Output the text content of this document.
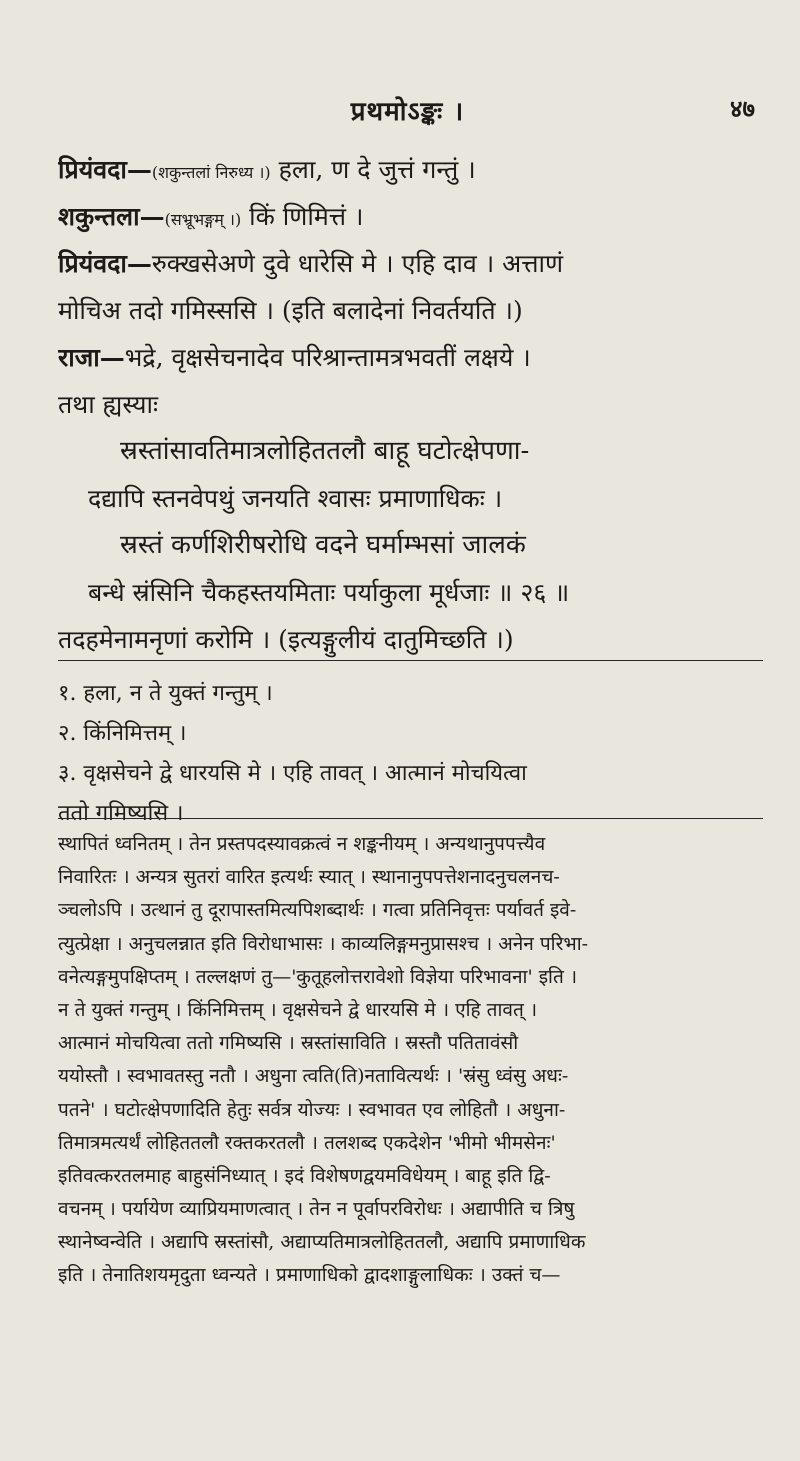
प्रथमोऽङ्कः ।	४७
प्रियंवदा—(शकुन्तलां निरुध्य ।) हला, ण दे जुत्तं गन्तुं ।
शकुन्तला—(सभ्रूभङ्गम् ।) किं णिमित्तं ।
प्रियंवदा—रुक्खसेअणे दुवे धारेसि मे । एहि दाव । अत्ताणं
मोचिअ तदो गमिस्ससि । (इति बलादेनां निवर्तयति ।)
राजा—भद्रे, वृक्षसेचनादेव परिश्रान्तामत्रभवतीं लक्षये ।
तथा ह्यस्याः
स्रस्तांसावतिमात्रलोहिततलौ बाहू घटोत्क्षेपणा-
दद्यापि स्तनवेपथुं जनयति श्वासः प्रमाणाधिकः ।
स्रस्तं कर्णशिरीषरोधि वदने घर्माम्भसां जालकं
बन्धे स्रंसिनि चैकहस्तयमिताः पर्याकुला मूर्धजाः ॥ २६ ॥
तदहमेनामनृणां करोमि । (इत्यङ्गुलीयं दातुमिच्छति ।)
१. हला, न ते युक्तं गन्तुम् ।
२. किंनिमित्तम् ।
३. वृक्षसेचने द्वे धारयसि मे । एहि तावत् । आत्मानं मोचयित्वा
ततो गमिष्यसि ।
स्थापितं ध्वनितम् । तेन प्रस्तपदस्यावक्रत्वं न शङ्कनीयम् । अन्यथानुपपत्त्यैव
निवारितः । अन्यत्र सुतरां वारित इत्यर्थः स्यात् । स्थानानुपपत्तेशनादनुचलनच-
ञ्चलोऽपि । उत्थानं तु दूरापास्तमित्यपिशब्दार्थः । गत्वा प्रतिनिवृत्तः पर्यावर्त इवे-
त्युत्प्रेक्षा । अनुचलन्नात इति विरोधाभासः । काव्यलिङ्गमनुप्रासश्च । अनेन परिभा-
वनेत्यङ्गमुपक्षिप्तम् । तल्लक्षणं तु—'कुतूहलोत्तरावेशो विज्ञेया परिभावना' इति ।
न ते युक्तं गन्तुम् । किंनिमित्तम् । वृक्षसेचने द्वे धारयसि मे । एहि तावत् ।
आत्मानं मोचयित्वा ततो गमिष्यसि । स्रस्तांसाविति । स्रस्तौ पतितावंसौ
ययोस्तौ । स्वभावतस्तु नतौ । अधुना त्वति(ति)नतावित्यर्थः । 'स्रंसु ध्वंसु अधः-
पतने' । घटोत्क्षेपणादिति हेतुः सर्वत्र योज्यः । स्वभावत एव लोहितौ । अधुना-
तिमात्रमत्यर्थं लोहिततलौ रक्तकरतलौ । तलशब्द एकदेशेन 'भीमो भीमसेनः'
इतिवत्करतलमाह बाहुसंनिध्यात् । इदं विशेषणद्वयमविधेयम् । बाहू इति द्वि-
वचनम् । पर्यायेण व्याप्रियमाणत्वात् । तेन न पूर्वापरविरोधः । अद्यापीति च त्रिषु
स्थानेष्वन्वेति । अद्यापि स्रस्तांसौ, अद्याप्यतिमात्रलोहिततलौ, अद्यापि प्रमाणाधिक
इति । तेनातिशयमृदुता ध्वन्यते । प्रमाणाधिको द्वादशाङ्गुलाधिकः । उक्तं च—
